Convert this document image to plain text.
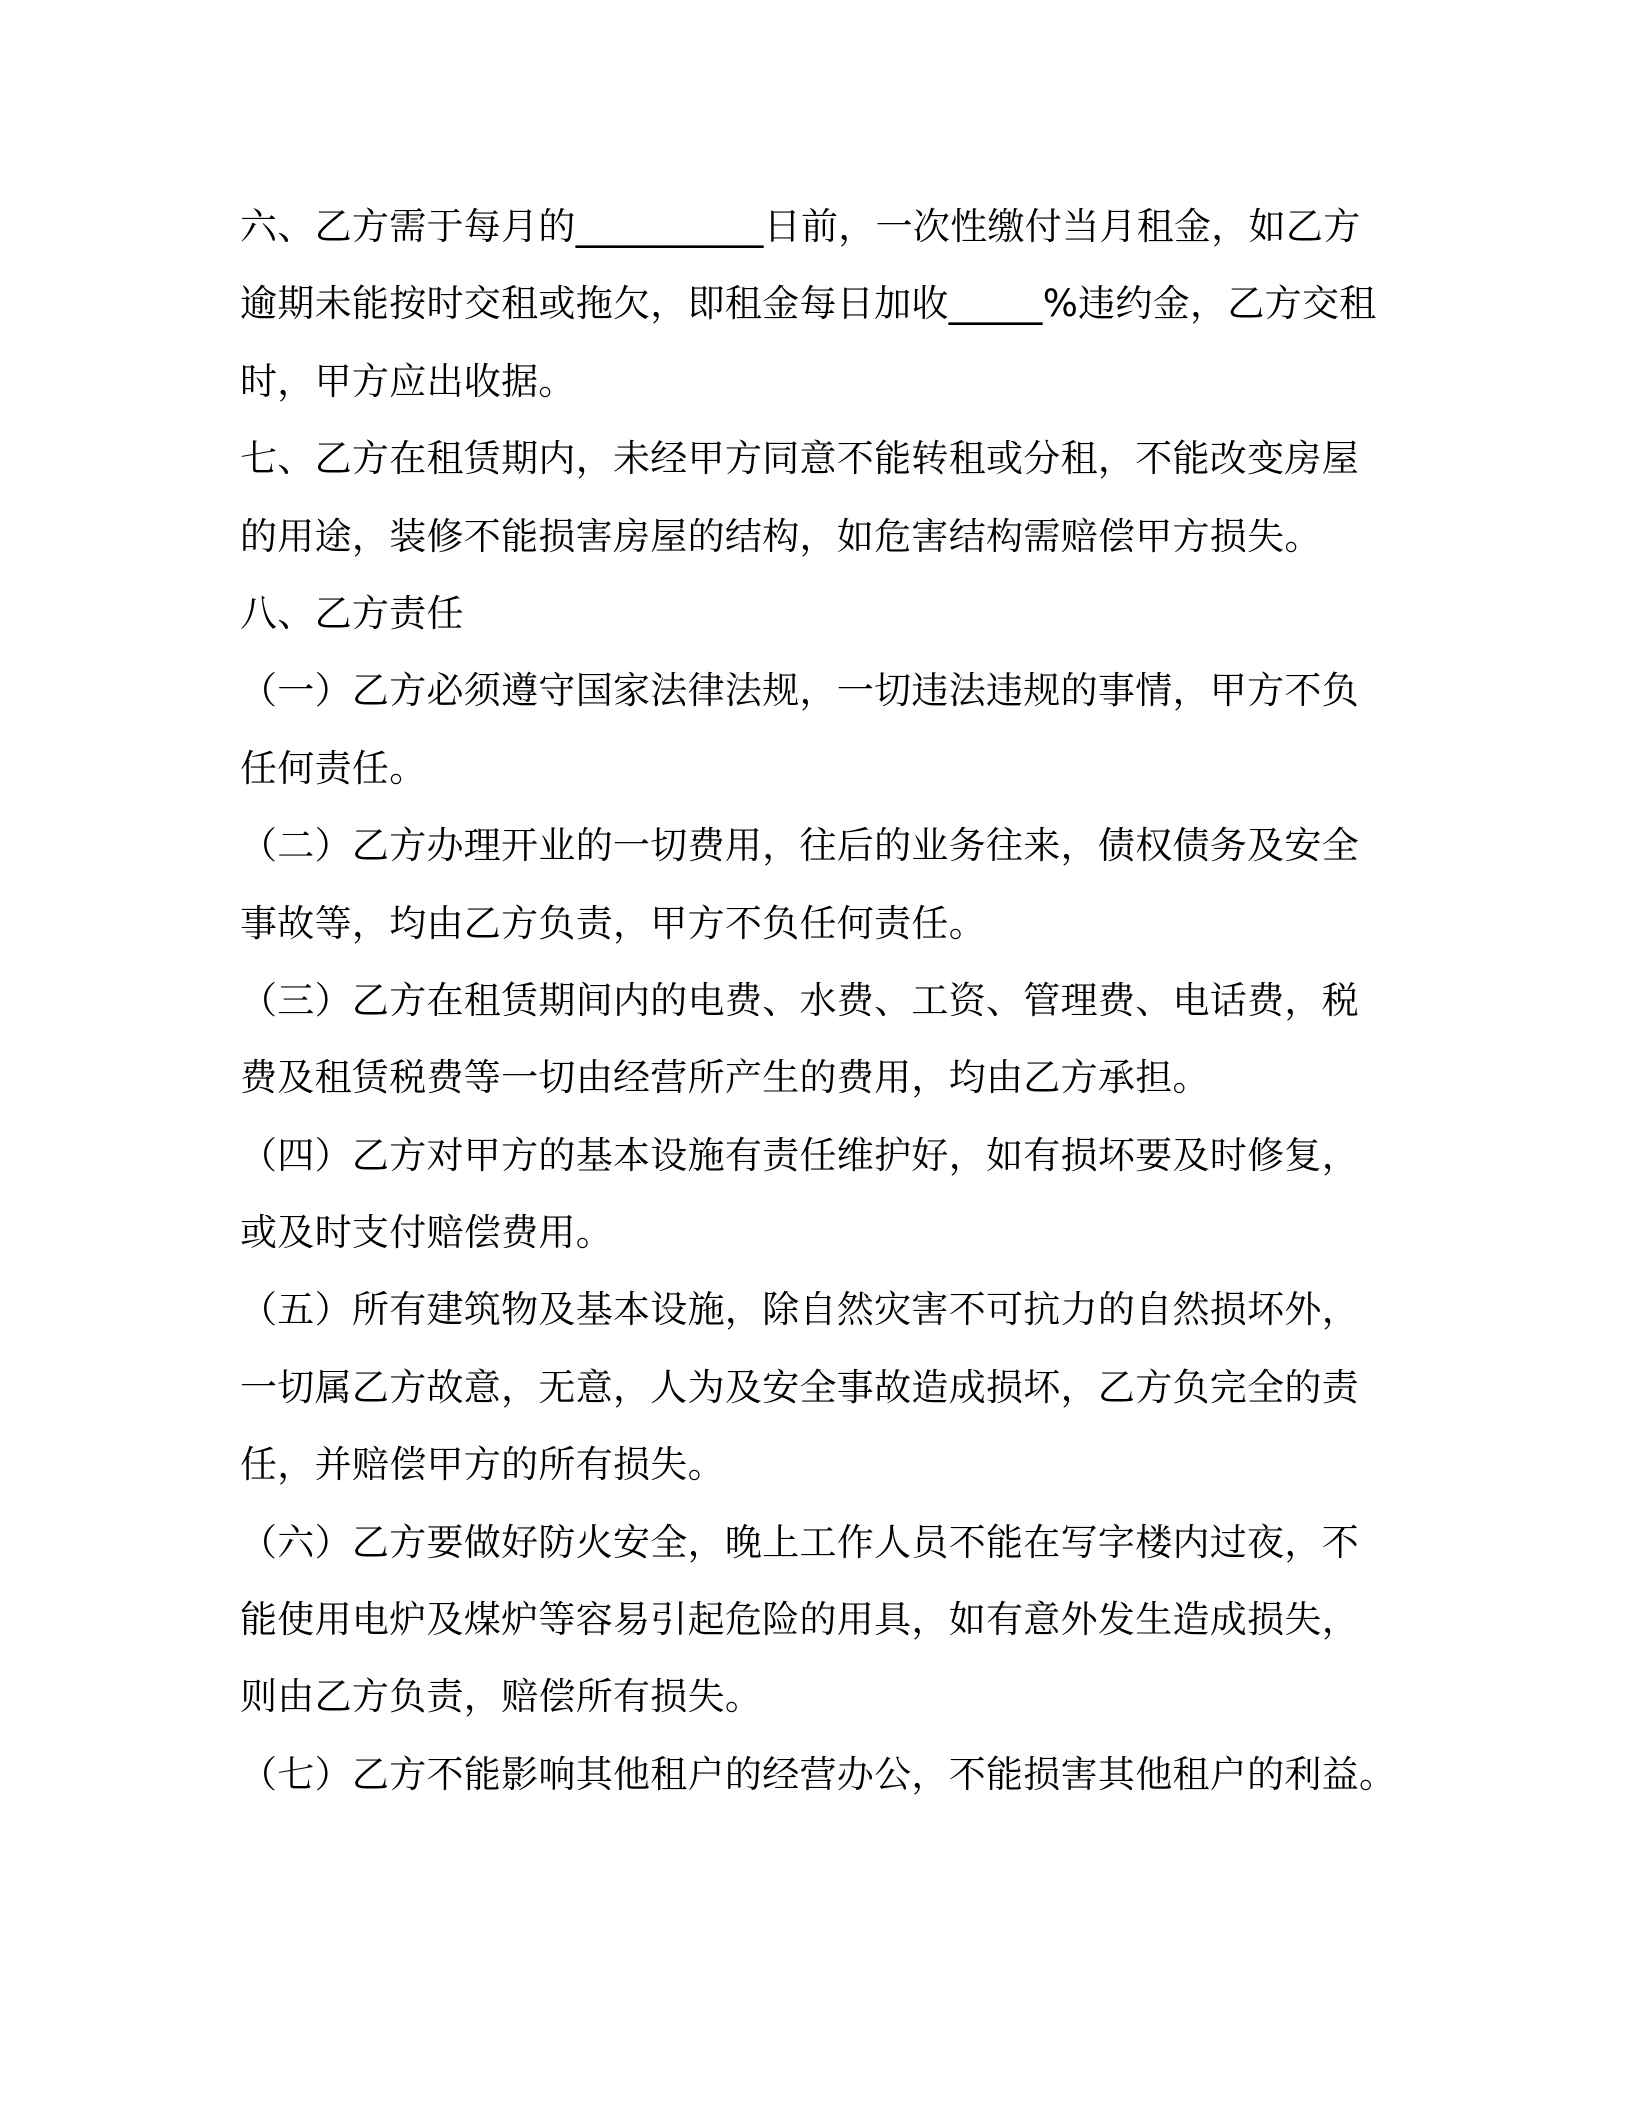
六、乙方需于每月的__________日前，一次性缴付当月租金，如乙方
逾期未能按时交租或拖欠，即租金每日加收_____%违约金，乙方交租
时，甲方应出收据。
七、乙方在租赁期内，未经甲方同意不能转租或分租，不能改变房屋
的用途，装修不能损害房屋的结构，如危害结构需赔偿甲方损失。
八、乙方责任
（一）乙方必须遵守国家法律法规，一切违法违规的事情，甲方不负
任何责任。
（二）乙方办理开业的一切费用，往后的业务往来，债权债务及安全
事故等，均由乙方负责，甲方不负任何责任。
（三）乙方在租赁期间内的电费、水费、工资、管理费、电话费，税
费及租赁税费等一切由经营所产生的费用，均由乙方承担。
（四）乙方对甲方的基本设施有责任维护好，如有损坏要及时修复，
或及时支付赔偿费用。
（五）所有建筑物及基本设施，除自然灾害不可抗力的自然损坏外，
一切属乙方故意，无意，人为及安全事故造成损坏，乙方负完全的责
任，并赔偿甲方的所有损失。
（六）乙方要做好防火安全，晚上工作人员不能在写字楼内过夜，不
能使用电炉及煤炉等容易引起危险的用具，如有意外发生造成损失，
则由乙方负责，赔偿所有损失。
（七）乙方不能影响其他租户的经营办公，不能损害其他租户的利益。
